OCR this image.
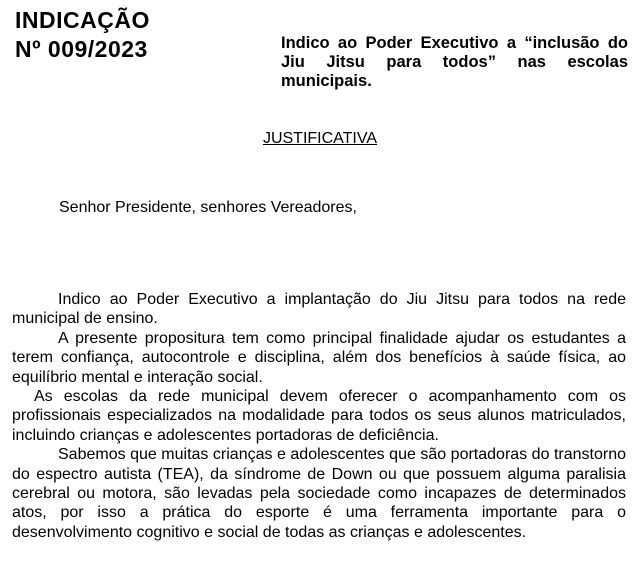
INDICAÇÃO
Nº 009/2023	Indico ao Poder Executivo a “inclusão do Jiu Jitsu para todos” nas escolas municipais.
JUSTIFICATIVA
Senhor Presidente, senhores Vereadores,

Indico ao Poder Executivo a implantação do Jiu Jitsu para todos na rede municipal de ensino.

A presente propositura tem como principal finalidade ajudar os estudantes a terem confiança, autocontrole e disciplina, além dos benefícios à saúde física, ao equilíbrio mental e interação social.

As escolas da rede municipal devem oferecer o acompanhamento com os profissionais especializados na modalidade para todos os seus alunos matriculados, incluindo crianças e adolescentes portadoras de deficiência.

Sabemos que muitas crianças e adolescentes que são portadoras do transtorno do espectro autista (TEA), da síndrome de Down ou que possuem alguma paralisia cerebral ou motora, são levadas pela sociedade como incapazes de determinados atos, por isso a prática do esporte é uma ferramenta importante para o desenvolvimento cognitivo e social de todas as crianças e adolescentes.
